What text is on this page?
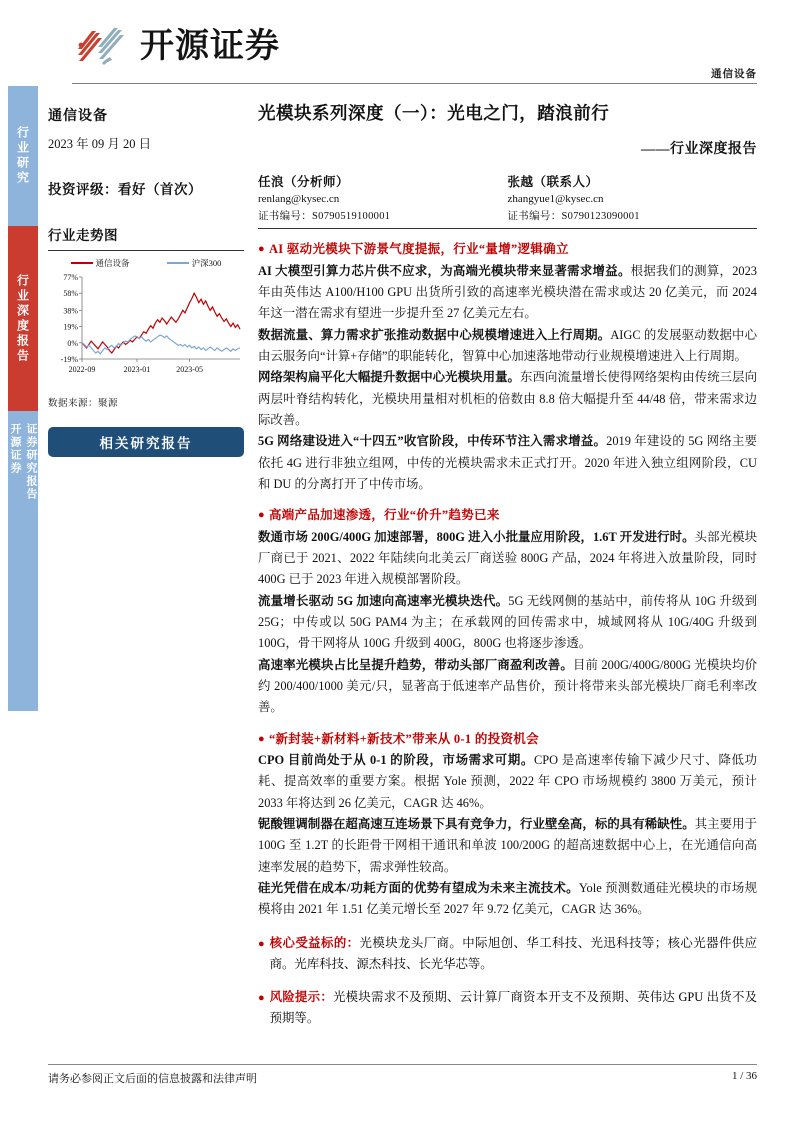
行业研究
行业深度报告
开源证券 证券研究报告
开源证券
通信设备
通信设备
2023 年 09 月 20 日
投资评级：看好（首次）
行业走势图
通信设备	沪深300
77%
58%
38%
19%
0%
-19%
2022-09	2023-01	2023-05
数据来源：聚源
相关研究报告
光模块系列深度（一）：光电之门，踏浪前行
——行业深度报告
任浪（分析师）
renlang@kysec.cn
证书编号：S0790519100001
张越（联系人）
zhangyue1@kysec.cn
证书编号：S0790123090001
● AI 驱动光模块下游景气度提振，行业“量增”逻辑确立

AI 大模型引算力芯片供不应求，为高端光模块带来显著需求增益。根据我们的测算，2023 年由英伟达 A100/H100 GPU 出货所引致的高速率光模块潜在需求或达 20 亿美元，而 2024 年这一潜在需求有望进一步提升至 27 亿美元左右。

数据流量、算力需求扩张推动数据中心规模增速进入上行周期。AIGC 的发展驱动数据中心由云服务向“计算+存储”的职能转化，智算中心加速落地带动行业规模增速进入上行周期。

网络架构扁平化大幅提升数据中心光模块用量。东西向流量增长使得网络架构由传统三层向两层叶脊结构转化，光模块用量相对机柜的倍数由 8.8 倍大幅提升至 44/48 倍，带来需求边际改善。

5G 网络建设进入“十四五”收官阶段，中传环节注入需求增益。2019 年建设的 5G 网络主要依托 4G 进行非独立组网，中传的光模块需求未正式打开。2020 年进入独立组网阶段，CU 和 DU 的分离打开了中传市场。

● 高端产品加速渗透，行业“价升”趋势已来

数通市场 200G/400G 加速部署，800G 进入小批量应用阶段，1.6T 开发进行时。头部光模块厂商已于 2021、2022 年陆续向北美云厂商送验 800G 产品，2024 年将进入放量阶段，同时 400G 已于 2023 年进入规模部署阶段。

流量增长驱动 5G 加速向高速率光模块迭代。5G 无线网侧的基站中，前传将从 10G 升级到 25G；中传或以 50G PAM4 为主；在承载网的回传需求中，城域网将从 10G/40G 升级到 100G，骨干网将从 100G 升级到 400G，800G 也将逐步渗透。

高速率光模块占比呈提升趋势，带动头部厂商盈利改善。目前 200G/400G/800G 光模块均价约 200/400/1000 美元/只，显著高于低速率产品售价，预计将带来头部光模块厂商毛利率改善。

● “新封装+新材料+新技术”带来从 0-1 的投资机会

CPO 目前尚处于从 0-1 的阶段，市场需求可期。CPO 是高速率传输下减少尺寸、降低功耗、提高效率的重要方案。根据 Yole 预测，2022 年 CPO 市场规模约 3800 万美元，预计 2033 年将达到 26 亿美元，CAGR 达 46%。

铌酸锂调制器在超高速互连场景下具有竞争力，行业壁垒高，标的具有稀缺性。其主要用于 100G 至 1.2T 的长距骨干网相干通讯和单波 100/200G 的超高速数据中心上，在光通信向高速率发展的趋势下，需求弹性较高。

硅光凭借在成本/功耗方面的优势有望成为未来主流技术。Yole 预测数通硅光模块的市场规模将由 2021 年 1.51 亿美元增长至 2027 年 9.72 亿美元，CAGR 达 36%。

● 核心受益标的：光模块龙头厂商。中际旭创、华工科技、光迅科技等；核心光器件供应商。光库科技、源杰科技、长光华芯等。
● 风险提示：光模块需求不及预期、云计算厂商资本开支不及预期、英伟达 GPU 出货不及预期等。
请务必参阅正文后面的信息披露和法律声明	1 / 36
